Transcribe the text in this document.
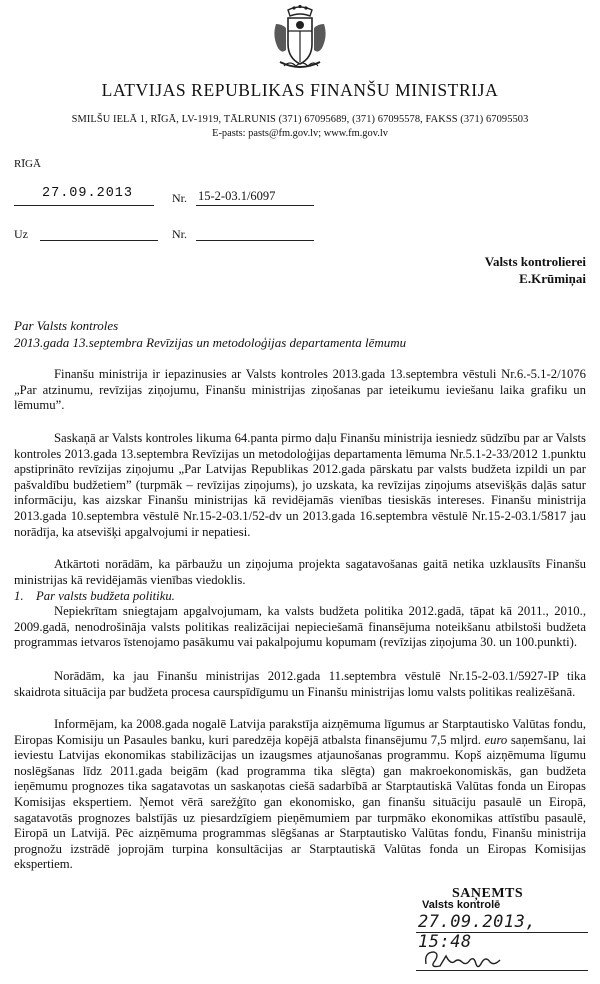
LATVIJAS REPUBLIKAS FINANŠU MINISTRIJA
SMILŠU IELĀ 1, RĪGĀ, LV-1919, TĀLRUNIS (371) 67095689, (371) 67095578, FAKSS (371) 67095503
E-pasts: pasts@fm.gov.lv; www.fm.gov.lv
RĪGĀ
27.09.2013	Nr. 15-2-03.1/6097
Uz	Nr.
Valsts kontrolierei
E.Krūmiņai
Par Valsts kontroles
2013.gada 13.septembra Revīzijas un metodoloģijas departamenta lēmumu

Finanšu ministrija ir iepazinusies ar Valsts kontroles 2013.gada 13.septembra vēstuli Nr.6.-5.1-2/1076 „Par atzinumu, revīzijas ziņojumu, Finanšu ministrijas ziņošanas par ieteikumu ieviešanu laika grafiku un lēmumu”.

Saskaņā ar Valsts kontroles likuma 64.panta pirmo daļu Finanšu ministrija iesniedz sūdzību par ar Valsts kontroles 2013.gada 13.septembra Revīzijas un metodoloģijas departamenta lēmuma Nr.5.1-2-33/2012 1.punktu apstiprināto revīzijas ziņojumu „Par Latvijas Republikas 2012.gada pārskatu par valsts budžeta izpildi un par pašvaldību budžetiem” (turpmāk – revīzijas ziņojums), jo uzskata, ka revīzijas ziņojums atsevišķās daļās satur informāciju, kas aizskar Finanšu ministrijas kā revidējamās vienības tiesiskās intereses. Finanšu ministrija 2013.gada 10.septembra vēstulē Nr.15-2-03.1/52-dv un 2013.gada 16.septembra vēstulē Nr.15-2-03.1/5817 jau norādīja, ka atsevišķi apgalvojumi ir nepatiesi.

Atkārtoti norādām, ka pārbaužu un ziņojuma projekta sagatavošanas gaitā netika uzklausīts Finanšu ministrijas kā revidējamās vienības viedoklis.

1. Par valsts budžeta politiku.

Nepiekrītam sniegtajam apgalvojumam, ka valsts budžeta politika 2012.gadā, tāpat kā 2011., 2010., 2009.gadā, nenodrošināja valsts politikas realizācijai nepieciešamā finansējuma noteikšanu atbilstoši budžeta programmas ietvaros īstenojamo pasākumu vai pakalpojumu kopumam (revīzijas ziņojuma 30. un 100.punkti).

Norādām, ka jau Finanšu ministrijas 2012.gada 11.septembra vēstulē Nr.15-2-03.1/5927-IP tika skaidrota situācija par budžeta procesa caurspīdīgumu un Finanšu ministrijas lomu valsts politikas realizēšanā.

Informējam, ka 2008.gada nogalē Latvija parakstīja aizņēmuma līgumus ar Starptautisko Valūtas fondu, Eiropas Komisiju un Pasaules banku, kuri paredzēja kopējā atbalsta finansējumu 7,5 mljrd. euro saņemšanu, lai ieviestu Latvijas ekonomikas stabilizācijas un izaugsmes atjaunošanas programmu. Kopš aizņēmuma līgumu noslēgšanas līdz 2011.gada beigām (kad programma tika slēgta) gan makroekonomiskās, gan budžeta ieņēmumu prognozes tika sagatavotas un saskaņotas ciešā sadarbībā ar Starptautiskā Valūtas fonda un Eiropas Komisijas ekspertiem. Ņemot vērā sarežģīto gan ekonomisko, gan finanšu situāciju pasaulē un Eiropā, sagatavotās prognozes balstījās uz piesardzīgiem pieņēmumiem par turpmāko ekonomikas attīstību pasaulē, Eiropā un Latvijā. Pēc aizņēmuma programmas slēgšanas ar Starptautisko Valūtas fondu, Finanšu ministrija prognožu izstrādē joprojām turpina konsultācijas ar Starptautiskā Valūtas fonda un Eiropas Komisijas ekspertiem.

SAŅEMTS
Valsts kontrolē
27.09.2013, 15:48
